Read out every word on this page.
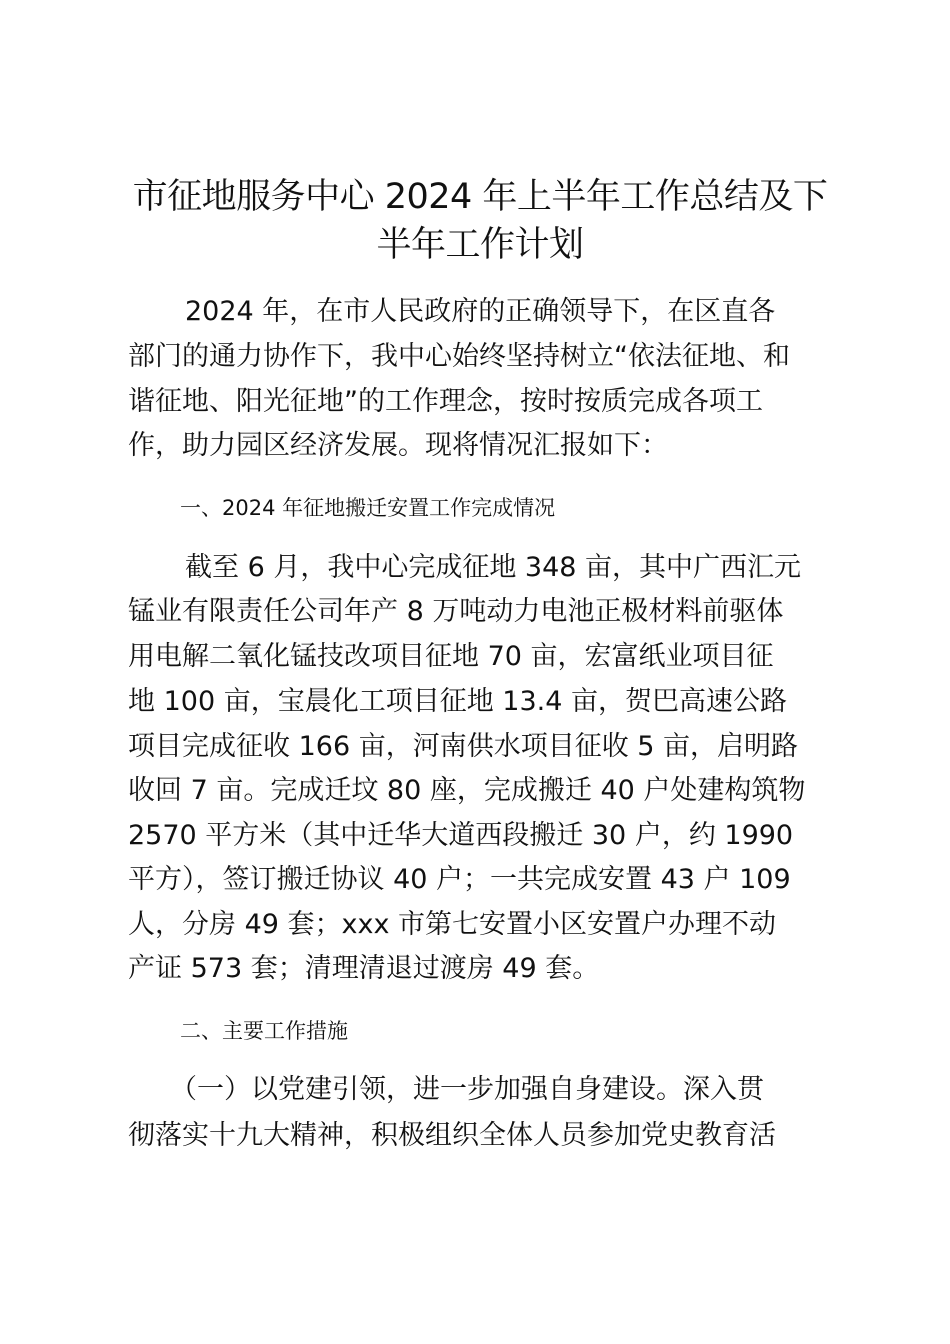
市征地服务中心 2024 年上半年工作总结及下
半年工作计划

2024 年，在市人民政府的正确领导下，在区直各

部门的通力协作下，我中心始终坚持树立“依法征地、和

谐征地、阳光征地”的工作理念，按时按质完成各项工

作，助力园区经济发展。现将情况汇报如下：

一、2024 年征地搬迁安置工作完成情况

截至 6 月，我中心完成征地 348 亩，其中广西汇元

锰业有限责任公司年产 8 万吨动力电池正极材料前驱体

用电解二氧化锰技改项目征地 70 亩，宏富纸业项目征

地 100 亩，宝晨化工项目征地 13.4 亩，贺巴高速公路

项目完成征收 166 亩，河南供水项目征收 5 亩，启明路

收回 7 亩。完成迁坟 80 座，完成搬迁 40 户处建构筑物

2570 平方米（其中迁华大道西段搬迁 30 户，约 1990

平方），签订搬迁协议 40 户；一共完成安置 43 户 109

人，分房 49 套；xxx 市第七安置小区安置户办理不动

产证 573 套；清理清退过渡房 49 套。

二、主要工作措施

（一）以党建引领，进一步加强自身建设。深入贯

彻落实十九大精神，积极组织全体人员参加党史教育活
